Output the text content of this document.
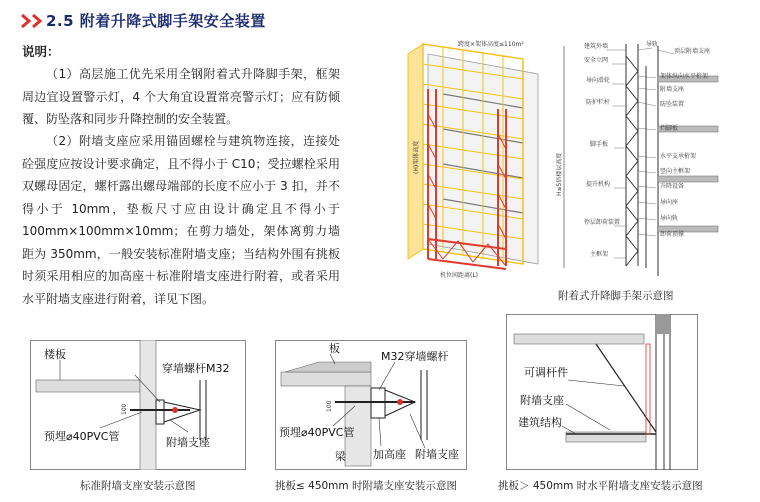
2.5 附着升降式脚手架安全装置
说明：
（1）高层施工优先采用全钢附着式升降脚手架，框架周边宜设置警示灯，4 个大角宜设置常亮警示灯；应有防倾覆、防坠落和同步升降控制的安全装置。
（2）附墙支座应采用锚固螺栓与建筑物连接，连接处砼强度应按设计要求确定，且不得小于 C10；受拉螺栓采用双螺母固定，螺杆露出螺母端部的长度不应小于 3 扣，并不得小于 10mm，垫板尺寸应由设计确定且不得小于 100mm×100mm×10mm；在剪力墙处，架体离剪力墙距为 350mm，一般安装标准附墙支座；当结构外围有挑板时须采用相应的加高座＋标准附墙支座进行附着，或者采用水平附墙支座进行附着，详见下图。
跨度×架体高度≤110m²
(H)架体高度
机位间距离(L)
H≤5倍楼层高度
建筑外墙	导轨
顶层附墙支座
安全立网
架体纵向水平桁架
附墙支座
导向滑轮
防坠装置
防护栏杆
挡脚板
脚手板
水平支承桁架
竖向主框架
提升机构	升降设备
导向座
停层卸荷装置
导向轨
卸荷顶撑
主框架
附着式升降脚手架示意图
楼板
穿墙螺杆M32
预埋⌀40PVC管	附墙支座
100
标准附墙支座安装示意图
板
M32穿墙螺杆
预埋⌀40PVC管
梁 加高座 附墙支座
100
挑板≤ 450mm 时附墙支座安装示意图
可调杆件
附墙支座
建筑结构
挑板＞ 450mm 时水平附墙支座安装示意图
